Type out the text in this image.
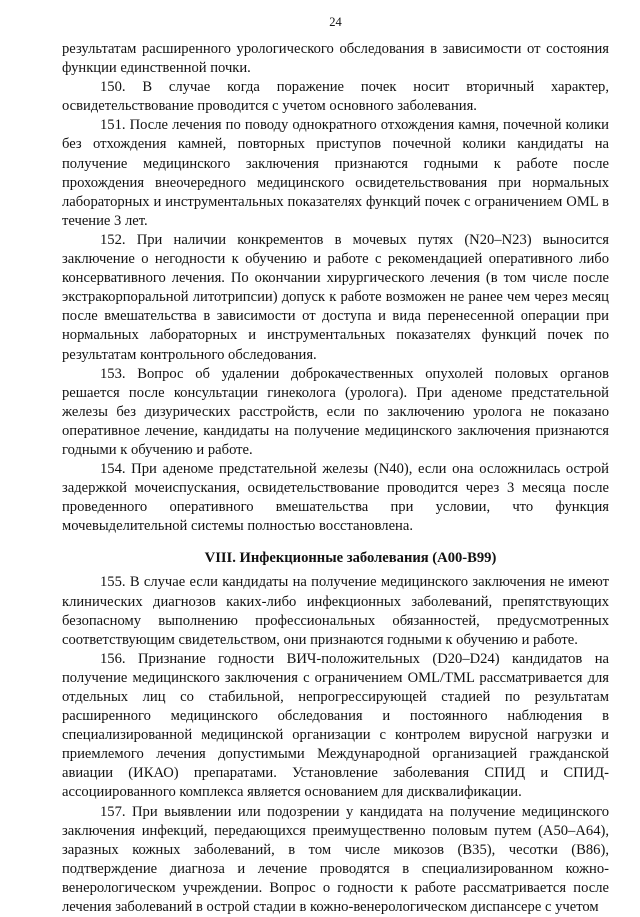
24

результатам расширенного урологического обследования в зависимости от состояния функции единственной почки.

150. В случае когда поражение почек носит вторичный характер, освидетельствование проводится с учетом основного заболевания.

151. После лечения по поводу однократного отхождения камня, почечной колики без отхождения камней, повторных приступов почечной колики кандидаты на получение медицинского заключения признаются годными к работе после прохождения внеочередного медицинского освидетельствования при нормальных лабораторных и инструментальных показателях функций почек с ограничением OML в течение 3 лет.

152. При наличии конкрементов в мочевых путях (N20–N23) выносится заключение о негодности к обучению и работе с рекомендацией оперативного либо консервативного лечения. По окончании хирургического лечения (в том числе после экстракорпоральной литотрипсии) допуск к работе возможен не ранее чем через месяц после вмешательства в зависимости от доступа и вида перенесенной операции при нормальных лабораторных и инструментальных показателях функций почек по результатам контрольного обследования.

153. Вопрос об удалении доброкачественных опухолей половых органов решается после консультации гинеколога (уролога). При аденоме предстательной железы без дизурических расстройств, если по заключению уролога не показано оперативное лечение, кандидаты на получение медицинского заключения признаются годными к обучению и работе.

154. При аденоме предстательной железы (N40), если она осложнилась острой задержкой мочеиспускания, освидетельствование проводится через 3 месяца после проведенного оперативного вмешательства при условии, что функция мочевыделительной системы полностью восстановлена.

VIII. Инфекционные заболевания (A00-B99)

155. В случае если кандидаты на получение медицинского заключения не имеют клинических диагнозов каких-либо инфекционных заболеваний, препятствующих безопасному выполнению профессиональных обязанностей, предусмотренных соответствующим свидетельством, они признаются годными к обучению и работе.

156. Признание годности ВИЧ-положительных (D20–D24) кандидатов на получение медицинского заключения с ограничением OML/TML рассматривается для отдельных лиц со стабильной, непрогрессирующей стадией по результатам расширенного медицинского обследования и постоянного наблюдения в специализированной медицинской организации с контролем вирусной нагрузки и приемлемого лечения допустимыми Международной организацией гражданской авиации (ИКАО) препаратами. Установление заболевания СПИД и СПИД-ассоциированного комплекса является основанием для дисквалификации.

157. При выявлении или подозрении у кандидата на получение медицинского заключения инфекций, передающихся преимущественно половым путем (A50–A64), заразных кожных заболеваний, в том числе микозов (B35), чесотки (B86), подтверждение диагноза и лечение проводятся в специализированном кожно-венерологическом учреждении. Вопрос о годности к работе рассматривается после лечения заболеваний в острой стадии в кожно-венерологическом диспансере с учетом
